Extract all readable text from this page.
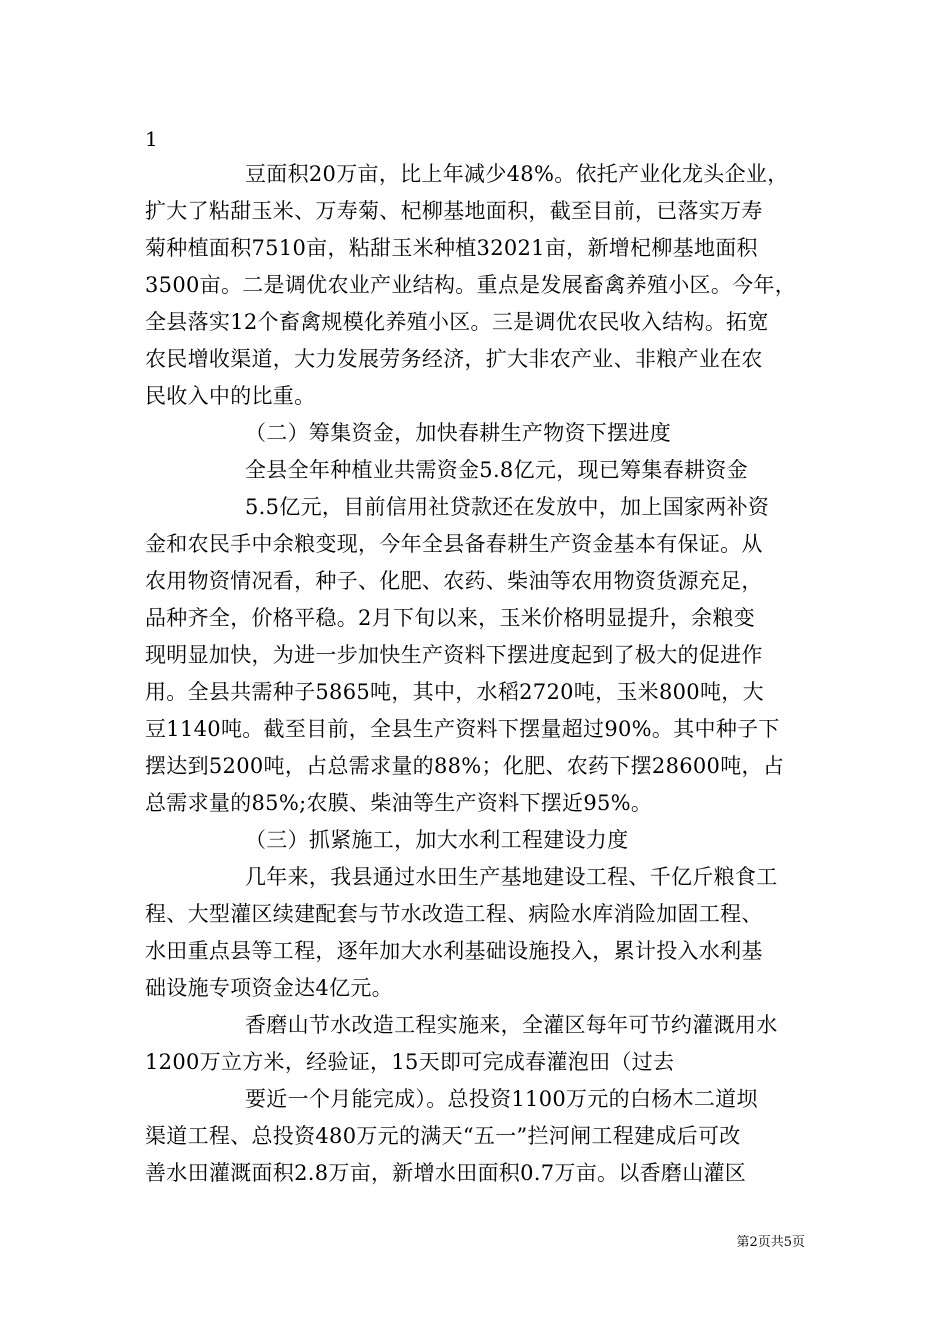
1
豆面积20万亩，比上年减少48%。依托产业化龙头企业，
扩大了粘甜玉米、万寿菊、杞柳基地面积，截至目前，已落实万寿
菊种植面积7510亩，粘甜玉米种植32021亩，新增杞柳基地面积
3500亩。二是调优农业产业结构。重点是发展畜禽养殖小区。今年，
全县落实12个畜禽规模化养殖小区。三是调优农民收入结构。拓宽
农民增收渠道，大力发展劳务经济，扩大非农产业、非粮产业在农
民收入中的比重。
（二）筹集资金，加快春耕生产物资下摆进度
全县全年种植业共需资金5.8亿元，现已筹集春耕资金
5.5亿元，目前信用社贷款还在发放中，加上国家两补资
金和农民手中余粮变现，今年全县备春耕生产资金基本有保证。从
农用物资情况看，种子、化肥、农药、柴油等农用物资货源充足，
品种齐全，价格平稳。2月下旬以来，玉米价格明显提升，余粮变
现明显加快，为进一步加快生产资料下摆进度起到了极大的促进作
用。全县共需种子5865吨，其中，水稻2720吨，玉米800吨，大
豆1140吨。截至目前，全县生产资料下摆量超过90%。其中种子下
摆达到5200吨，占总需求量的88%；化肥、农药下摆28600吨，占
总需求量的85%;农膜、柴油等生产资料下摆近95%。
（三）抓紧施工，加大水利工程建设力度
几年来，我县通过水田生产基地建设工程、千亿斤粮食工
程、大型灌区续建配套与节水改造工程、病险水库消险加固工程、
水田重点县等工程，逐年加大水利基础设施投入，累计投入水利基
础设施专项资金达4亿元。
香磨山节水改造工程实施来，全灌区每年可节约灌溉用水
1200万立方米，经验证，15天即可完成春灌泡田（过去
要近一个月能完成）。总投资1100万元的白杨木二道坝
渠道工程、总投资480万元的满天“五一”拦河闸工程建成后可改
善水田灌溉面积2.8万亩，新增水田面积0.7万亩。以香磨山灌区
第2页共5页
